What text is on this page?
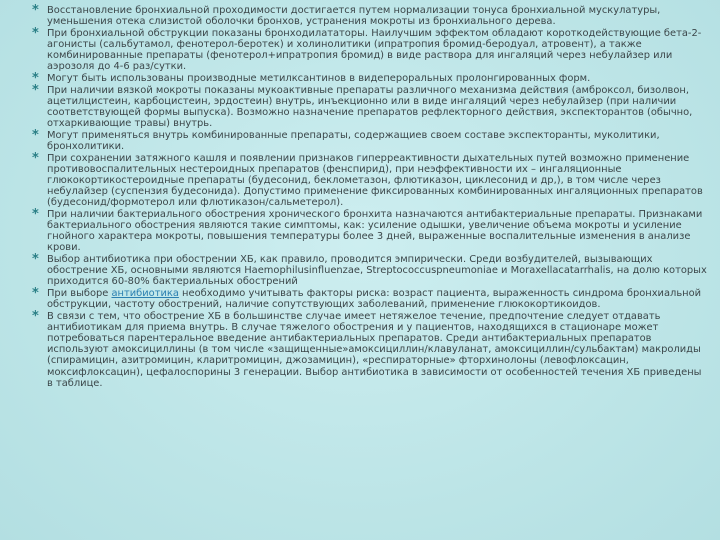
* Восстановление бронхиальной проходимости достигается путем нормализации тонуса бронхиальной мускулатуры, уменьшения отека слизистой оболочки бронхов, устранения мокроты из бронхиального дерева.
* При бронхиальной обструкции показаны бронходилататоры. Наилучшим эффектом обладают короткодействующие бета-2-агонисты (сальбутамол, фенотерол-беротек) и холинолитики (ипратропия бромид-беродуал, атровент), а также комбинированные препараты (фенотерол+ипратропия бромид) в виде раствора для ингаляций через небулайзер или аэрозоля до 4-6 раз/сутки.
* Могут быть использованы производные метилксантинов в видеперopальных пролонгированных форм.
* При наличии вязкой мокроты показаны мукоактивные препараты различного механизма действия (амброксол, бизолвон, ацетилцистеин, карбоцистеин, эрдостеин) внутрь, инъекционно или в виде ингаляций через небулайзер (при наличии соответствующей формы выпуска). Возможно назначение препаратов рефлекторного действия, экспекторантов (обычно, отхаркивающие травы) внутрь.
* Могут применяться внутрь комбинированные препараты, содержащиев своем составе экспекторанты, муколитики, бронхолитики.
* При сохранении затяжного кашля и появлении признаков гиперреактивности дыхательных путей возможно применение противовоспалительных нестероидных препаратов (фенспирид), при неэффективности их – ингаляционные глюкокортикостероидные препараты (будесонид, беклометазон, флютиказон, циклесонид и др,), в том числе через небулайзер (суспензия будесонида). Допустимо применение фиксированных комбинированных ингаляционных препаратов (будесонид/формотерол или флютиказон/сальметерол).
* При наличии бактериального обострения хронического бронхита назначаются антибактериальные препараты. Признаками бактериального обострения являются такие симптомы, как: усиление одышки, увеличение объема мокроты и усиление гнойного характера мокроты, повышения температуры более 3 дней, выраженные воспалительные изменения в анализе крови.
* Выбор антибиотика при обострении ХБ, как правило, проводится эмпирически. Среди возбудителей, вызывающих обострение ХБ, основными являются Haemophilusinfluenzae, Streptococcuspneumoniae и Moraxellacatarrhalis, на долю которых приходится 60-80% бактериальных обострений
* При выборе антибиотика необходимо учитывать факторы риска: возраст пациента, выраженность синдрома бронхиальной обструкции, частоту обострений, наличие сопутствующих заболеваний, применение глюкокортикоидов.
* В связи с тем, что обострение ХБ в большинстве случае имеет нетяжелое течение, предпочтение следует отдавать антибиотикам для приема внутрь. В случае тяжелого обострения и у пациентов, находящихся в стационаре может потребоваться парентеральное введение антибактериальных препаратов. Среди антибактериальных препаратов используют амоксициллины (в том числе «защищенные»амоксициллин/клавуланат, амоксициллин/сульбактам) макролиды (спирамицин, азитромицин, кларитромицин, джозамицин), «респираторные» фторхинолоны (левофлоксацин, моксифлоксацин), цефалоспорины 3 генерации. Выбор антибиотика в зависимости от особенностей течения ХБ приведены в таблице.
